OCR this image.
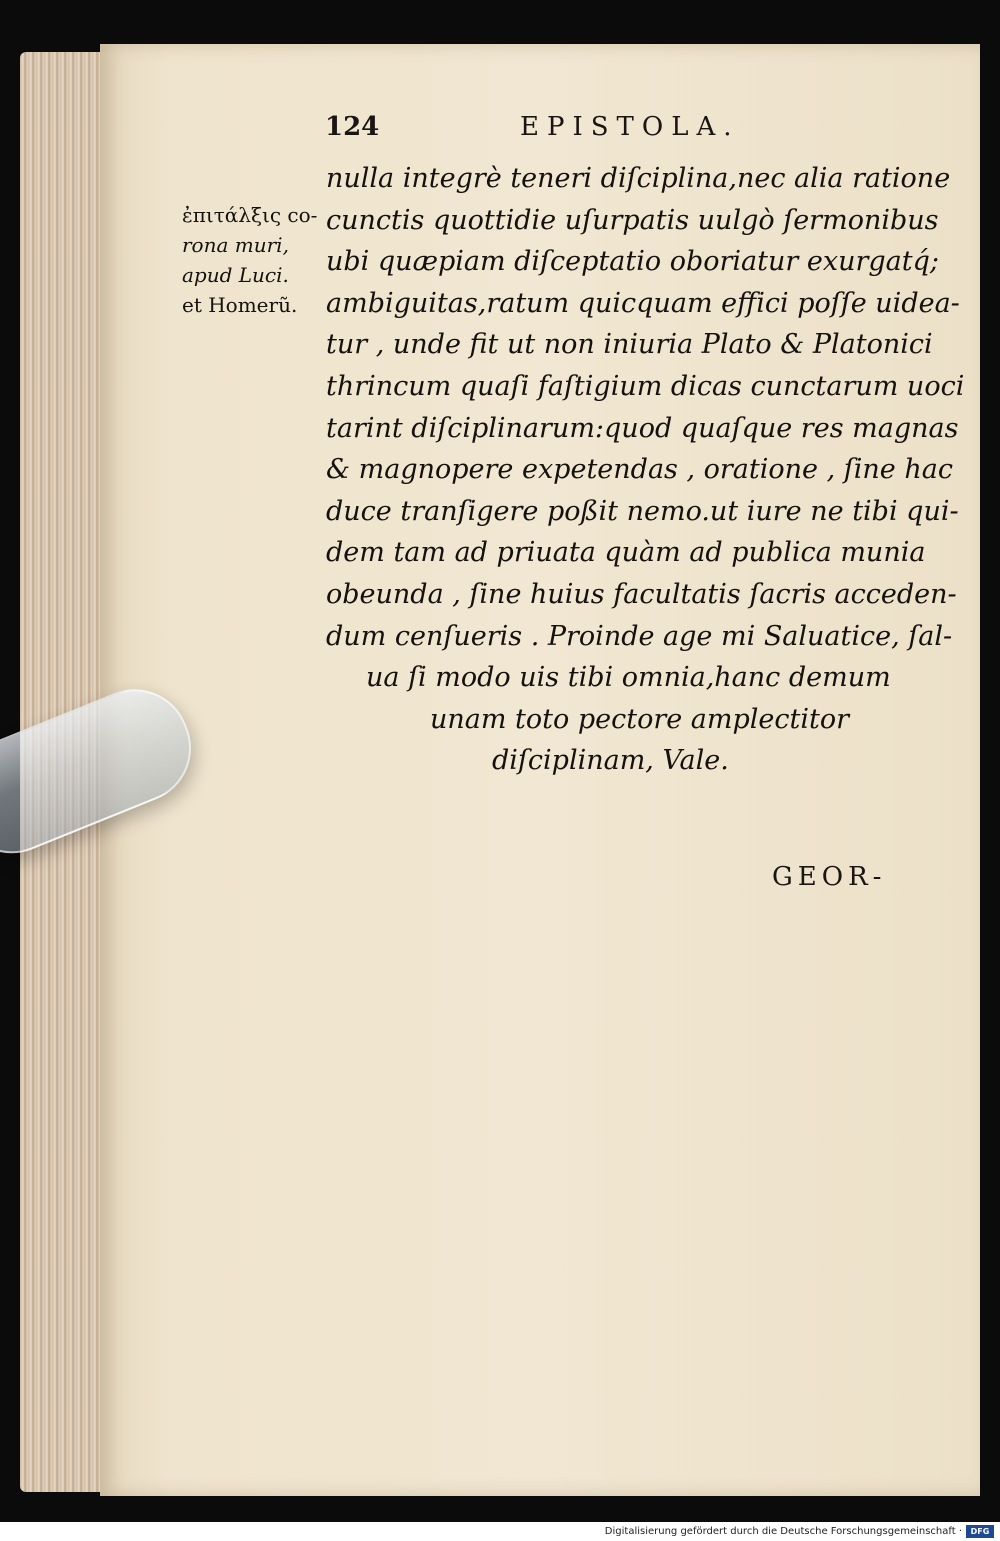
124	EPISTOLA.
ἐπιτάλξις co-
rona muri,
apud Luci.
et Homerũ.
nulla integrè teneri diſciplina,nec alia ratione
cunctis quottidie uſurpatis uulgò ſermonibus
ubi quæpiam diſceptatio oboriatur exurgatq́;
ambiguitas,ratum quicquam effici poſſe uidea-
tur , unde fit ut non iniuria Plato & Platonici
thrincum quaſi faſtigium dicas cunctarum uoci
tarint diſciplinarum:quod quaſque res magnas
& magnopere expetendas , oratione , ſine hac
duce tranſigere poßit nemo.ut iure ne tibi qui-
dem tam ad priuata quàm ad publica munia
obeunda , ſine huius facultatis ſacris acceden-
dum cenſueris . Proinde age mi Saluatice, ſal-
ua ſi modo uis tibi omnia,hanc demum
unam toto pectore amplectitor
diſciplinam, Vale.
GEOR-
Digitalisierung gefördert durch die Deutsche Forschungsgemeinschaft ·	DFG
